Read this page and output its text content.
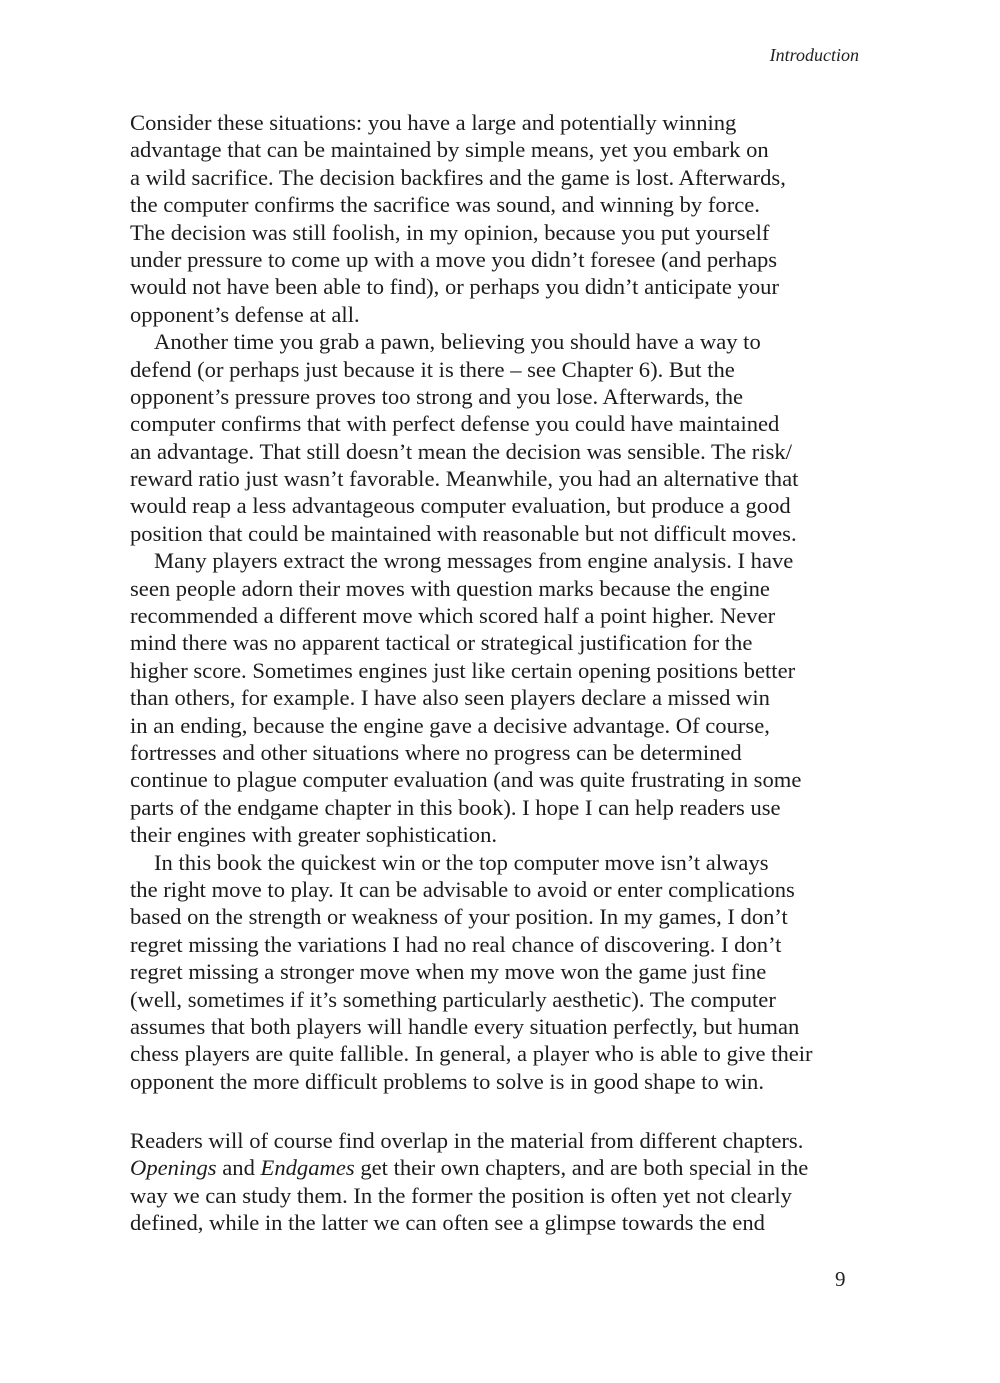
Introduction
Consider these situations: you have a large and potentially winning
advantage that can be maintained by simple means, yet you embark on
a wild sacrifice. The decision backfires and the game is lost. Afterwards,
the computer confirms the sacrifice was sound, and winning by force.
The decision was still foolish, in my opinion, because you put yourself
under pressure to come up with a move you didn’t foresee (and perhaps
would not have been able to find), or perhaps you didn’t anticipate your
opponent’s defense at all.
Another time you grab a pawn, believing you should have a way to
defend (or perhaps just because it is there – see Chapter 6). But the
opponent’s pressure proves too strong and you lose. Afterwards, the
computer confirms that with perfect defense you could have maintained
an advantage. That still doesn’t mean the decision was sensible. The risk/
reward ratio just wasn’t favorable. Meanwhile, you had an alternative that
would reap a less advantageous computer evaluation, but produce a good
position that could be maintained with reasonable but not difficult moves.
Many players extract the wrong messages from engine analysis. I have
seen people adorn their moves with question marks because the engine
recommended a different move which scored half a point higher. Never
mind there was no apparent tactical or strategical justification for the
higher score. Sometimes engines just like certain opening positions better
than others, for example. I have also seen players declare a missed win
in an ending, because the engine gave a decisive advantage. Of course,
fortresses and other situations where no progress can be determined
continue to plague computer evaluation (and was quite frustrating in some
parts of the endgame chapter in this book). I hope I can help readers use
their engines with greater sophistication.
In this book the quickest win or the top computer move isn’t always
the right move to play. It can be advisable to avoid or enter complications
based on the strength or weakness of your position. In my games, I don’t
regret missing the variations I had no real chance of discovering. I don’t
regret missing a stronger move when my move won the game just fine
(well, sometimes if it’s something particularly aesthetic). The computer
assumes that both players will handle every situation perfectly, but human
chess players are quite fallible. In general, a player who is able to give their
opponent the more difficult problems to solve is in good shape to win.
Readers will of course find overlap in the material from different chapters.
Openings and Endgames get their own chapters, and are both special in the
way we can study them. In the former the position is often yet not clearly
defined, while in the latter we can often see a glimpse towards the end
9
